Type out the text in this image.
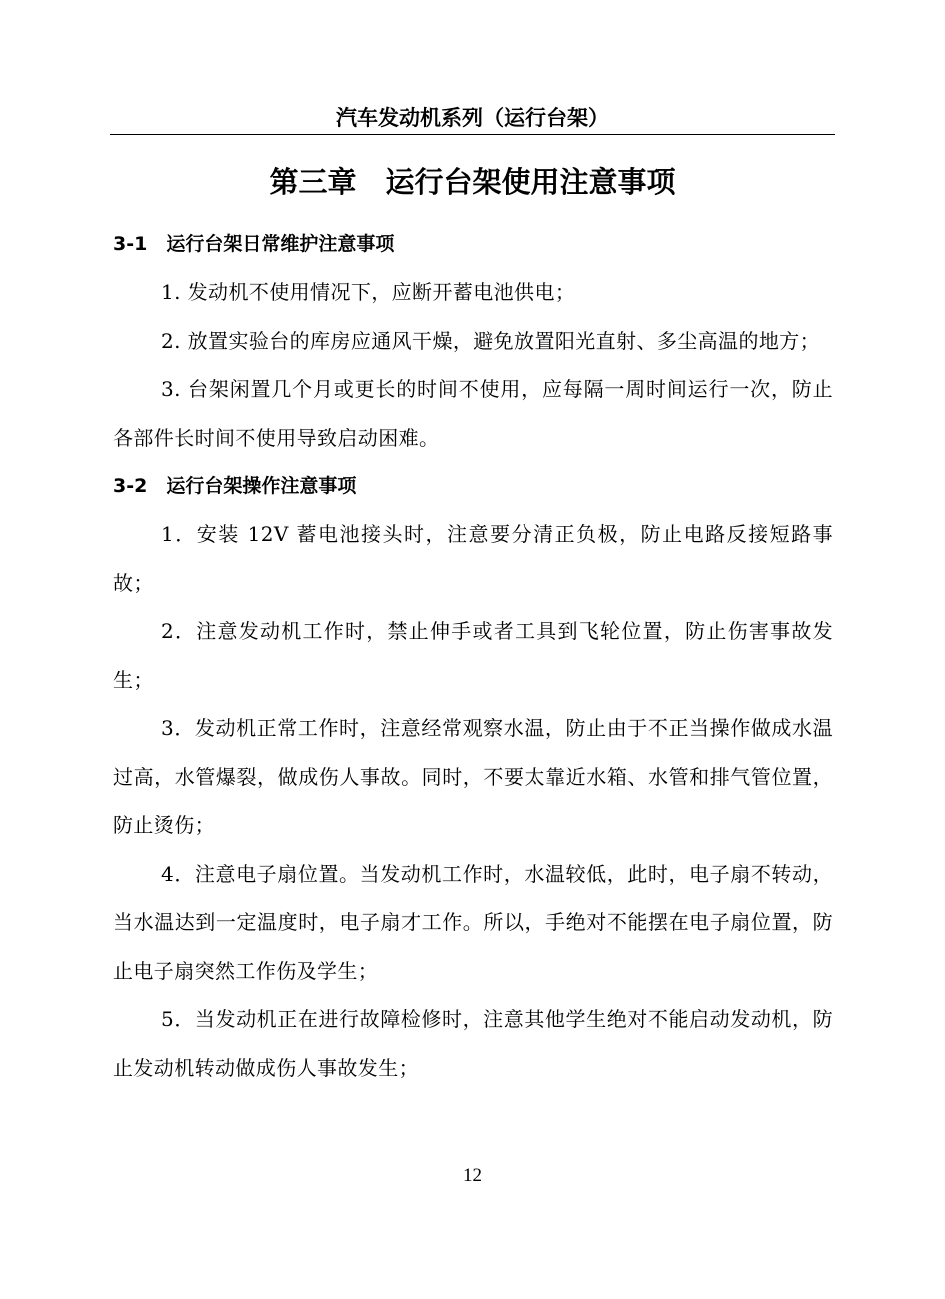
汽车发动机系列（运行台架）
第三章　运行台架使用注意事项
3-1　运行台架日常维护注意事项

1. 发动机不使用情况下，应断开蓄电池供电；

2. 放置实验台的库房应通风干燥，避免放置阳光直射、多尘高温的地方；

3. 台架闲置几个月或更长的时间不使用，应每隔一周时间运行一次，防止各部件长时间不使用导致启动困难。

3-2　运行台架操作注意事项

1．安装 12V 蓄电池接头时，注意要分清正负极，防止电路反接短路事故；

2．注意发动机工作时，禁止伸手或者工具到飞轮位置，防止伤害事故发生；

3．发动机正常工作时，注意经常观察水温，防止由于不正当操作做成水温过高，水管爆裂，做成伤人事故。同时，不要太靠近水箱、水管和排气管位置，防止烫伤；

4．注意电子扇位置。当发动机工作时，水温较低，此时，电子扇不转动，当水温达到一定温度时，电子扇才工作。所以，手绝对不能摆在电子扇位置，防止电子扇突然工作伤及学生；

5．当发动机正在进行故障检修时，注意其他学生绝对不能启动发动机，防止发动机转动做成伤人事故发生；

12
